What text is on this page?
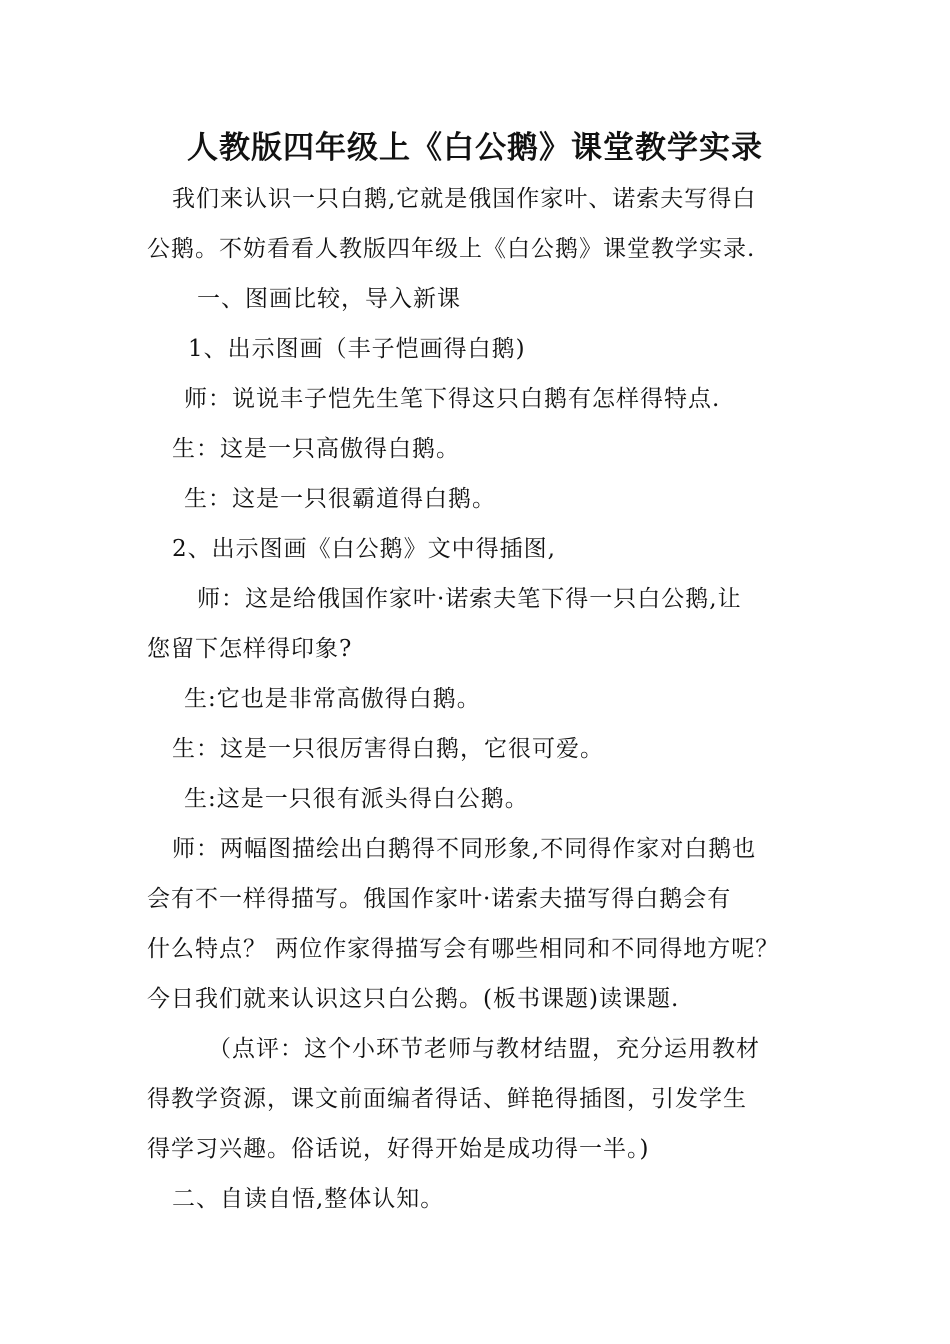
人教版四年级上《白公鹅》课堂教学实录
我们来认识一只白鹅,它就是俄国作家叶、诺索夫写得白
公鹅。不妨看看人教版四年级上《白公鹅》课堂教学实录.
一、图画比较，导入新课
1、出示图画（丰子恺画得白鹅)
师：说说丰子恺先生笔下得这只白鹅有怎样得特点.
生：这是一只高傲得白鹅。
生：这是一只很霸道得白鹅。
2、出示图画《白公鹅》文中得插图,
师：这是给俄国作家叶·诺索夫笔下得一只白公鹅,让
您留下怎样得印象?
生:它也是非常高傲得白鹅。
生：这是一只很厉害得白鹅，它很可爱。
生:这是一只很有派头得白公鹅。
师：两幅图描绘出白鹅得不同形象,不同得作家对白鹅也
会有不一样得描写。俄国作家叶·诺索夫描写得白鹅会有
什么特点？ 两位作家得描写会有哪些相同和不同得地方呢？
今日我们就来认识这只白公鹅。(板书课题)读课题.
（点评：这个小环节老师与教材结盟，充分运用教材
得教学资源，课文前面编者得话、鲜艳得插图，引发学生
得学习兴趣。俗话说，好得开始是成功得一半。)
二、自读自悟,整体认知。
